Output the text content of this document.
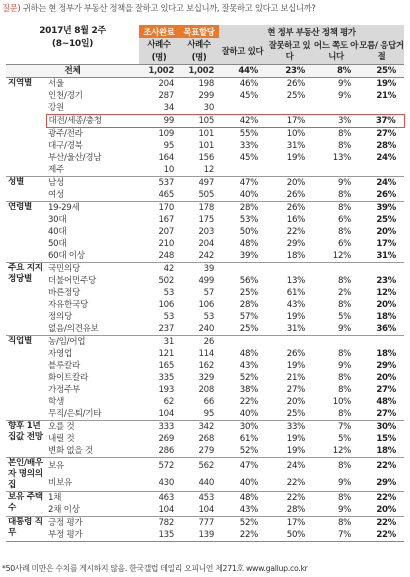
질문) 귀하는 현 정부가 부동산 정책을 잘하고 있다고 보십니까, 잘못하고 있다고 보십니까?
2017년 8월 2주
(8~10일)		조사완료	목표할당	현 정부 부동산 정책 평가			

		사례수	사례수	잘하고 있다	잘못하고 있다	어느 쪽도 아니다	모름/ 응답거절
		(명)	(명)				
전체		1,002	1,002	44%	23%	8%	25%
지역별	서울	204	198	46%	26%	9%	19%
	인천/경기	287	299	45%	25%	9%	21%
	강원	34	30				
	대전/세종/충청	99	105	42%	17%	3%	37%
	광주/전라	109	101	55%	10%	8%	27%
	대구/경북	95	101	33%	31%	8%	28%
	부산/울산/경남	164	156	45%	19%	13%	24%
	제주	10	12				
성별	남성	537	497	47%	20%	9%	24%
	여성	465	505	40%	26%	8%	26%
연령별	19-29세	170	178	28%	26%	8%	39%
	30대	167	175	53%	16%	6%	25%
	40대	207	203	50%	22%	8%	20%
	50대	210	204	48%	29%	6%	17%
	60대 이상	248	242	39%	18%	12%	31%
주요 지지정당별	국민의당	42	39				
	더불어민주당	502	499	56%	13%	8%	23%
	바른정당	53	57	25%	61%	2%	12%
	자유한국당	106	106	28%	43%	8%	20%
	정의당	53	53	57%	19%	5%	18%
	없음/의견유보	237	240	25%	31%	9%	36%
직업별	농/임/어업	31	26				
	자영업	121	114	48%	26%	8%	18%
	블루칼라	165	162	43%	19%	9%	29%
	화이트칼라	335	329	52%	21%	8%	20%
	가정주부	193	208	38%	27%	8%	27%
	학생	62	66	22%	20%	10%	48%
	무직/은퇴/기타	104	95	40%	25%	8%	27%
향후 1년 집값 전망	오를 것	333	342	30%	33%	7%	30%
	내릴 것	269	268	61%	19%	5%	15%
	변화 없을 것	286	279	52%	19%	12%	18%
본인/배우자 명의의 집	보유	572	562	47%	24%	8%	22%
	비보유	430	440	40%	22%	9%	29%
보유 주택 수	1채	463	453	48%	22%	8%	22%
	2채 이상	104	104	43%	28%	9%	20%
대통령 직무	긍정 평가	782	777	52%	17%	8%	22%
	부정 평가	135	139	22%	50%	7%	22%
*50사례 미만은 수치를 게시하지 않음. 한국갤럽 데일리 오피니언 제271호 www.gallup.co.kr
